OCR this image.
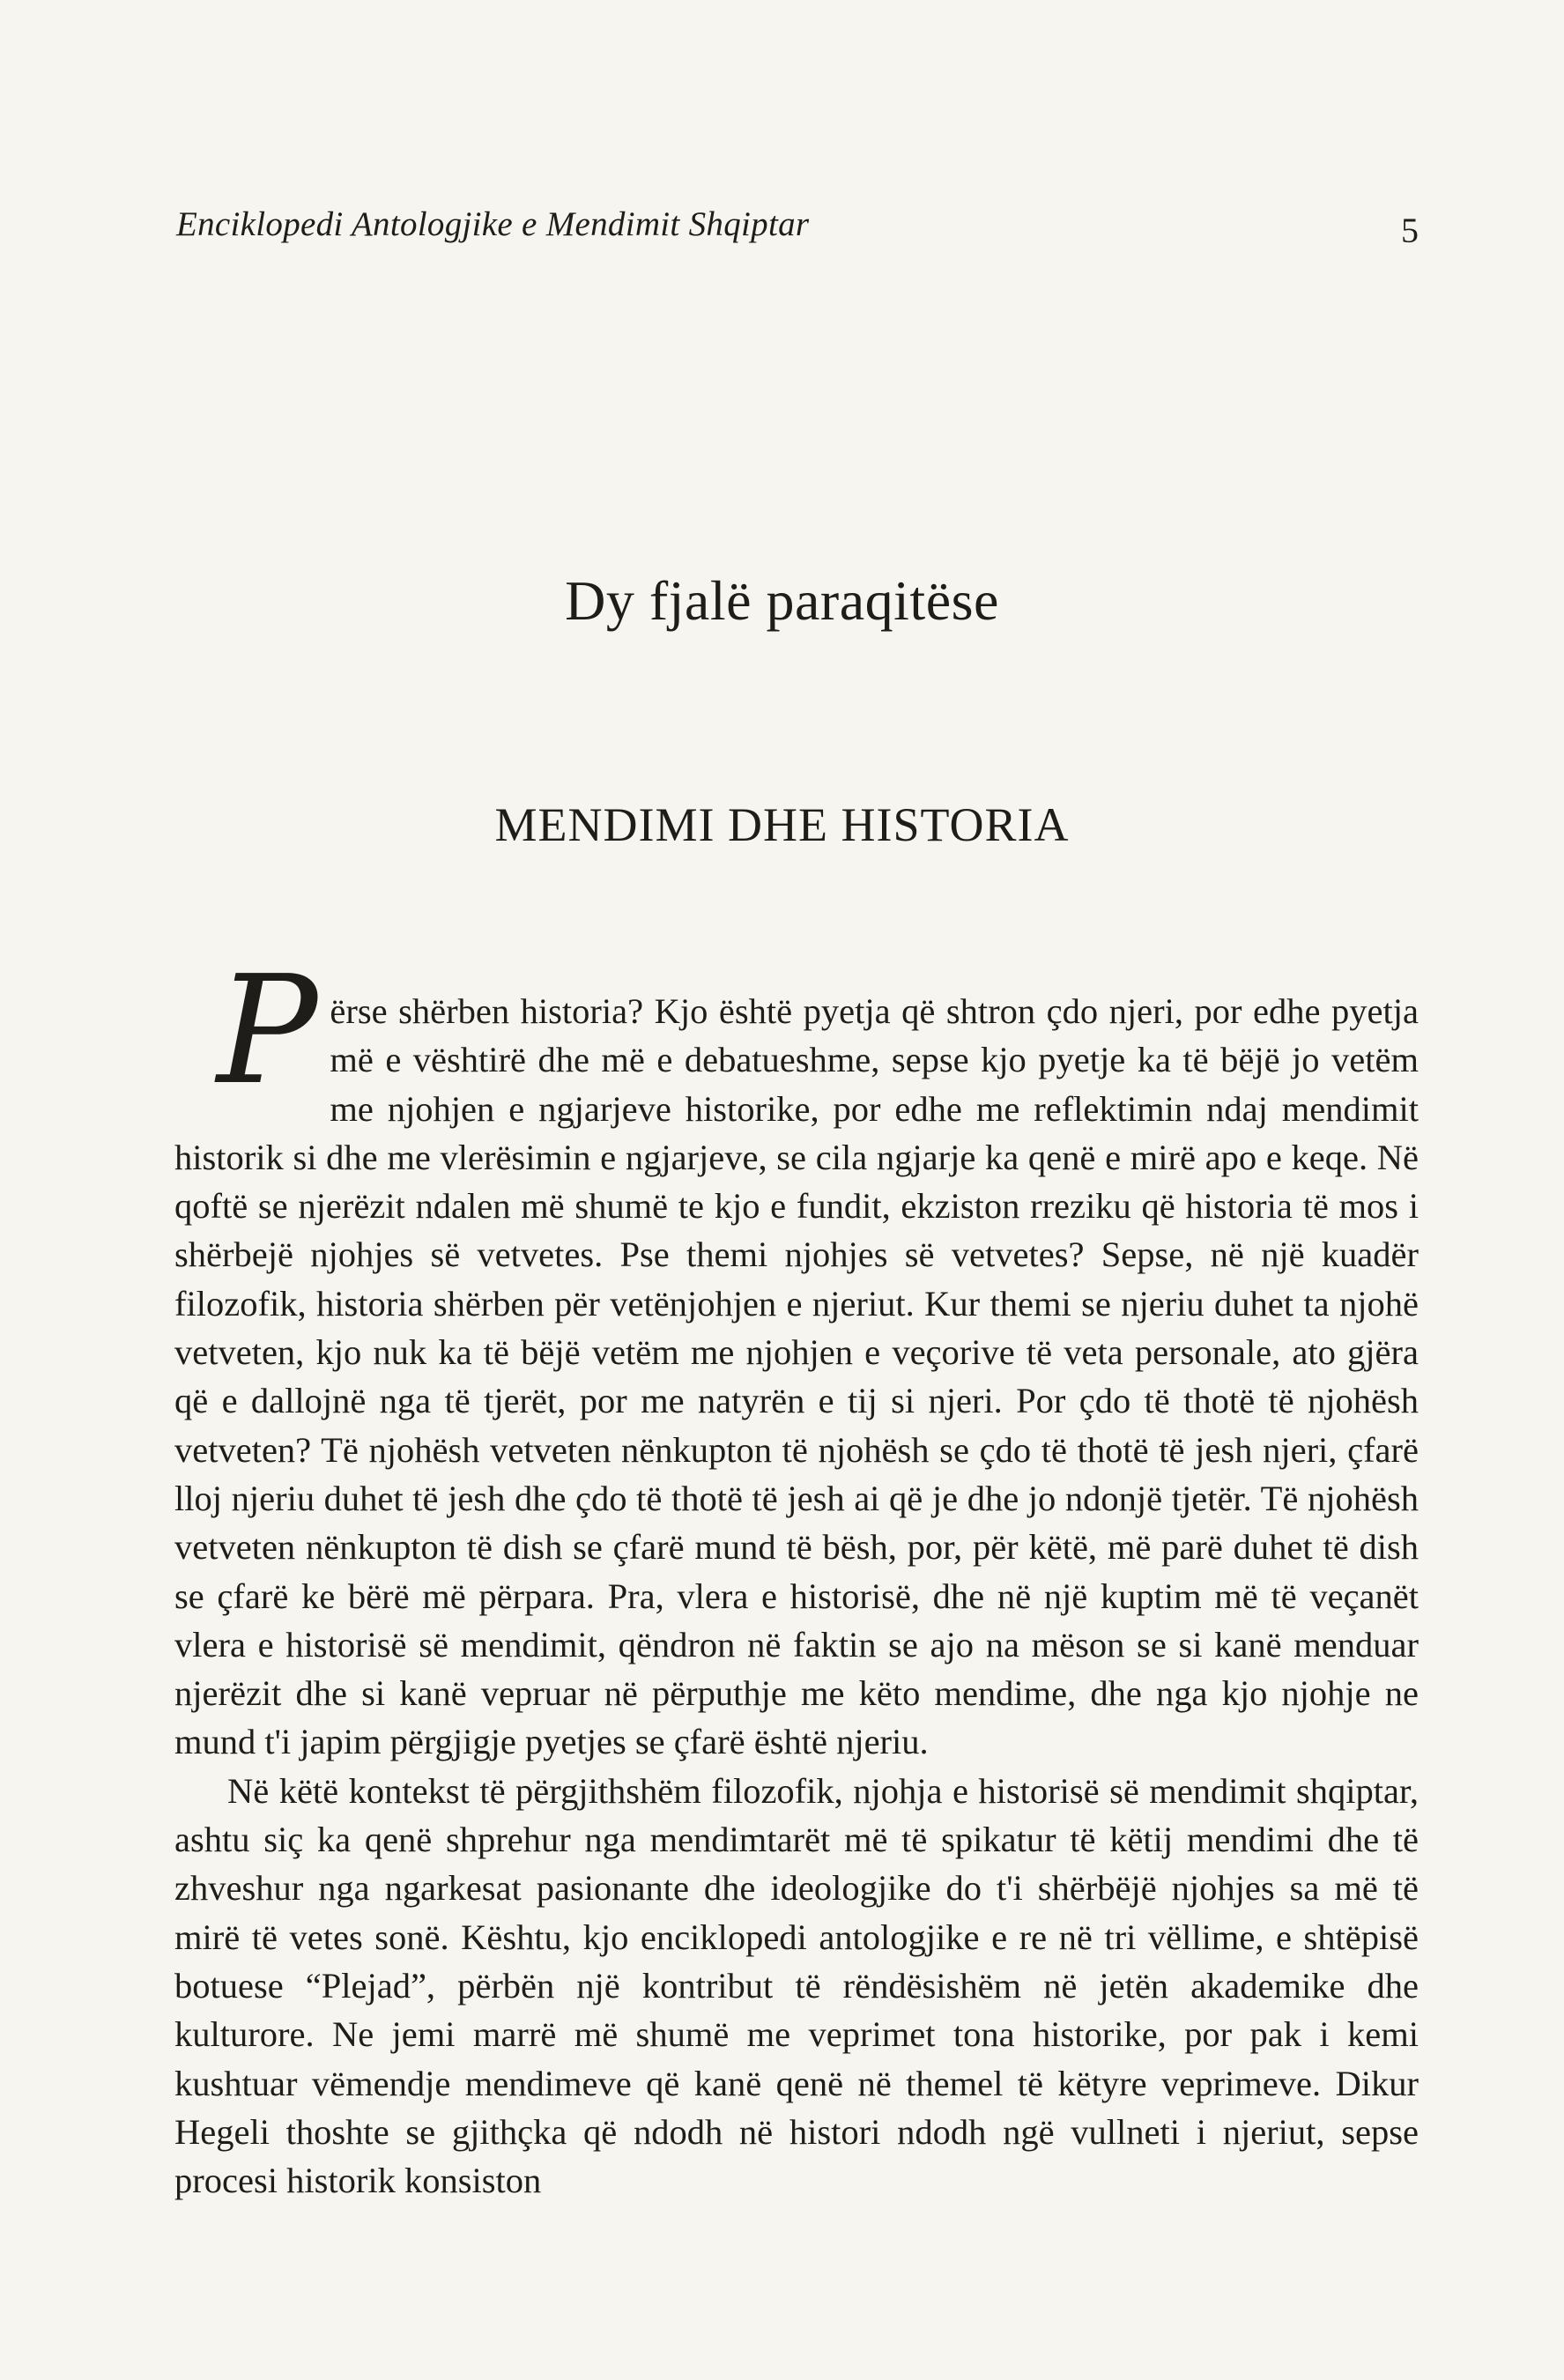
Enciklopedi Antologjike e Mendimit Shqiptar	5
Dy fjalë paraqitëse
MENDIMI DHE HISTORIA

Përse shërben historia? Kjo është pyetja që shtron çdo njeri, por edhe pyetja më e vështirë dhe më e debatueshme, sepse kjo pyetje ka të bëjë jo vetëm me njohjen e ngjarjeve historike, por edhe me reflektimin ndaj mendimit historik si dhe me vlerësimin e ngjarjeve, se cila ngjarje ka qenë e mirë apo e keqe. Në qoftë se njerëzit ndalen më shumë te kjo e fundit, ekziston rreziku që historia të mos i shërbejë njohjes së vetvetes. Pse themi njohjes së vetvetes? Sepse, në një kuadër filozofik, historia shërben për vetënjohjen e njeriut. Kur themi se njeriu duhet ta njohë vetveten, kjo nuk ka të bëjë vetëm me njohjen e veçorive të veta personale, ato gjëra që e dallojnë nga të tjerët, por me natyrën e tij si njeri. Por çdo të thotë të njohësh vetveten? Të njohësh vetveten nënkupton të njohësh se çdo të thotë të jesh njeri, çfarë lloj njeriu duhet të jesh dhe çdo të thotë të jesh ai që je dhe jo ndonjë tjetër. Të njohësh vetveten nënkupton të dish se çfarë mund të bësh, por, për këtë, më parë duhet të dish se çfarë ke bërë më përpara. Pra, vlera e historisë, dhe në një kuptim më të veçanët vlera e historisë së mendimit, qëndron në faktin se ajo na mëson se si kanë menduar njerëzit dhe si kanë vepruar në përputhje me këto mendime, dhe nga kjo njohje ne mund t'i japim përgjigje pyetjes se çfarë është njeriu.

Në këtë kontekst të përgjithshëm filozofik, njohja e historisë së mendimit shqiptar, ashtu siç ka qenë shprehur nga mendimtarët më të spikatur të këtij mendimi dhe të zhveshur nga ngarkesat pasionante dhe ideologjike do t'i shërbëjë njohjes sa më të mirë të vetes sonë. Kështu, kjo enciklopedi antologjike e re në tri vëllime, e shtëpisë botuese “Plejad”, përbën një kontribut të rëndësishëm në jetën akademike dhe kulturore. Ne jemi marrë më shumë me veprimet tona historike, por pak i kemi kushtuar vëmendje mendimeve që kanë qenë në themel të këtyre veprimeve. Dikur Hegeli thoshte se gjithçka që ndodh në histori ndodh ngë vullneti i njeriut, sepse procesi historik konsiston
